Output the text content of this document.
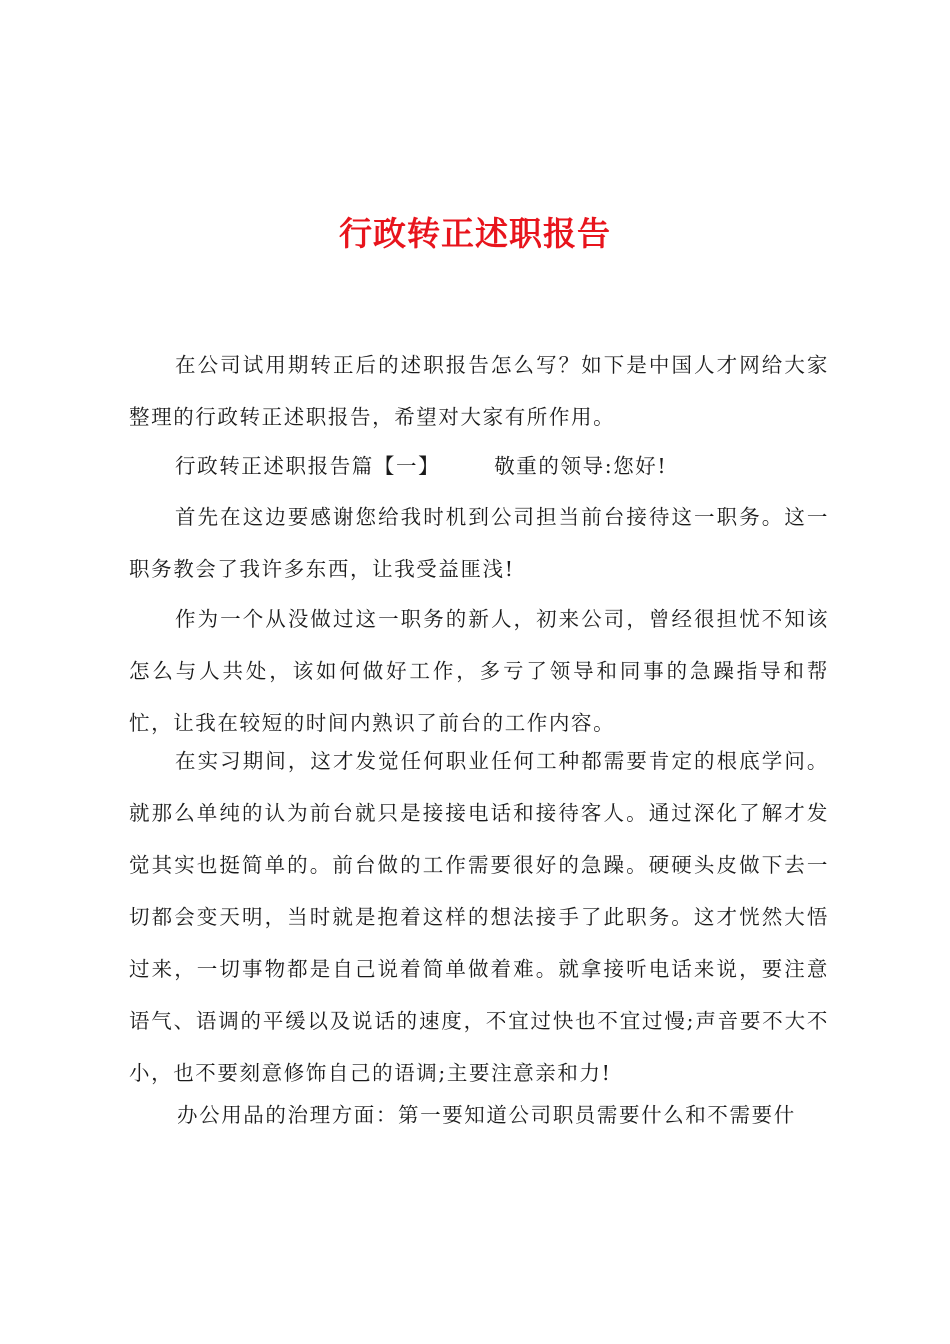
行政转正述职报告

在公司试用期转正后的述职报告怎么写？如下是中国人才网给大家整理的行政转正述职报告，希望对大家有所作用。

行政转正述职报告篇【一】	敬重的领导:您好!

首先在这边要感谢您给我时机到公司担当前台接待这一职务。这一职务教会了我许多东西，让我受益匪浅!

作为一个从没做过这一职务的新人，初来公司，曾经很担忧不知该怎么与人共处，该如何做好工作，多亏了领导和同事的急躁指导和帮忙，让我在较短的时间内熟识了前台的工作内容。

在实习期间，这才发觉任何职业任何工种都需要肯定的根底学问。就那么单纯的认为前台就只是接接电话和接待客人。通过深化了解才发觉其实也挺简单的。前台做的工作需要很好的急躁。硬硬头皮做下去一切都会变天明，当时就是抱着这样的想法接手了此职务。这才恍然大悟过来，一切事物都是自己说着简单做着难。就拿接听电话来说，要注意语气、语调的平缓以及说话的速度，不宜过快也不宜过慢;声音要不大不小，也不要刻意修饰自己的语调;主要注意亲和力!

办公用品的治理方面：第一要知道公司职员需要什么和不需要什
